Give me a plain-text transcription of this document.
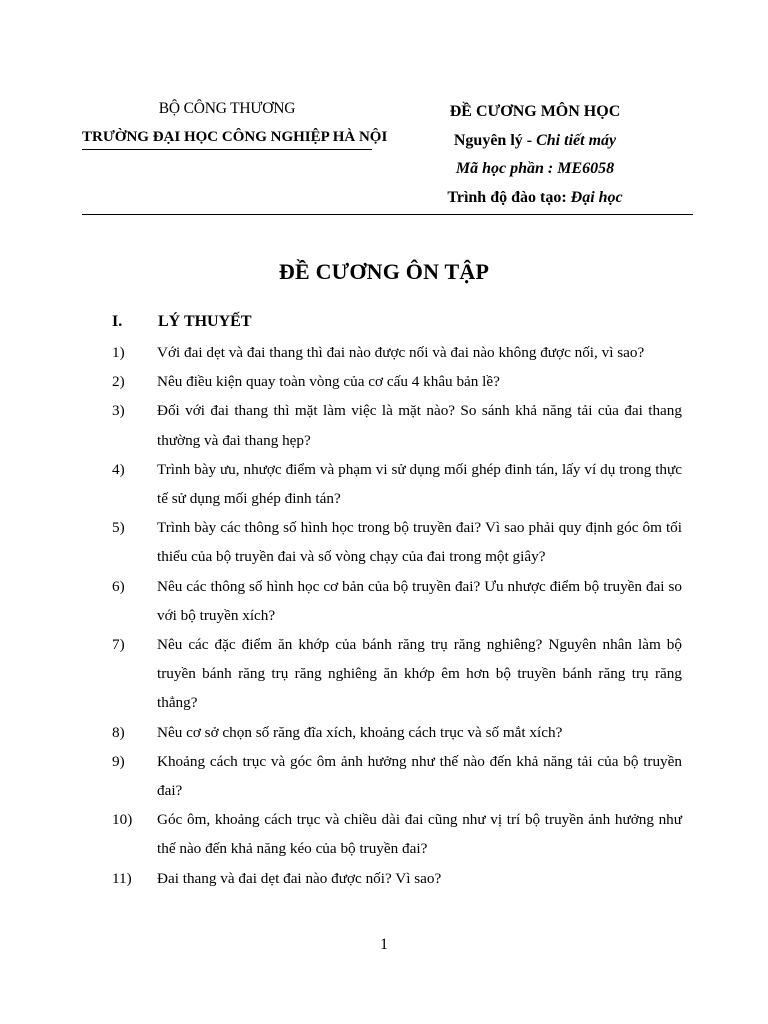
BỘ CÔNG THƯƠNG
TRƯỜNG ĐẠI HỌC CÔNG NGHIỆP HÀ NỘI
ĐỀ CƯƠNG MÔN HỌC
Nguyên lý - Chi tiết máy
Mã học phần : ME6058
Trình độ đào tạo: Đại học
ĐỀ CƯƠNG ÔN TẬP
I. LÝ THUYẾT
1)	Với đai dẹt và đai thang thì đai nào được nối và đai nào không được nối, vì sao?
2)	Nêu điều kiện quay toàn vòng của cơ cấu 4 khâu bản lề?
3)	Đối với đai thang thì mặt làm việc là mặt nào? So sánh khả năng tải của đai thang thường và đai thang hẹp?
4)	Trình bày ưu, nhược điểm và phạm vi sử dụng mối ghép đinh tán, lấy ví dụ trong thực tế sử dụng mối ghép đinh tán?
5)	Trình bày các thông số hình học trong bộ truyền đai? Vì sao phải quy định góc ôm tối thiểu của bộ truyền đai và số vòng chạy của đai trong một giây?
6)	Nêu các thông số hình học cơ bản của bộ truyền đai? Ưu nhược điểm bộ truyền đai so với bộ truyền xích?
7)	Nêu các đặc điểm ăn khớp của bánh răng trụ răng nghiêng? Nguyên nhân làm bộ truyền bánh răng trụ răng nghiêng ăn khớp êm hơn bộ truyền bánh răng trụ răng thẳng?
8)	Nêu cơ sở chọn số răng đĩa xích, khoảng cách trục và số mắt xích?
9)	Khoảng cách trục và góc ôm ảnh hưởng như thế nào đến khả năng tải của bộ truyền đai?
10)	Góc ôm, khoảng cách trục và chiều dài đai cũng như vị trí bộ truyền ảnh hưởng như thế nào đến khả năng kéo của bộ truyền đai?
11)	Đai thang và đai dẹt đai nào được nối? Vì sao?
1
